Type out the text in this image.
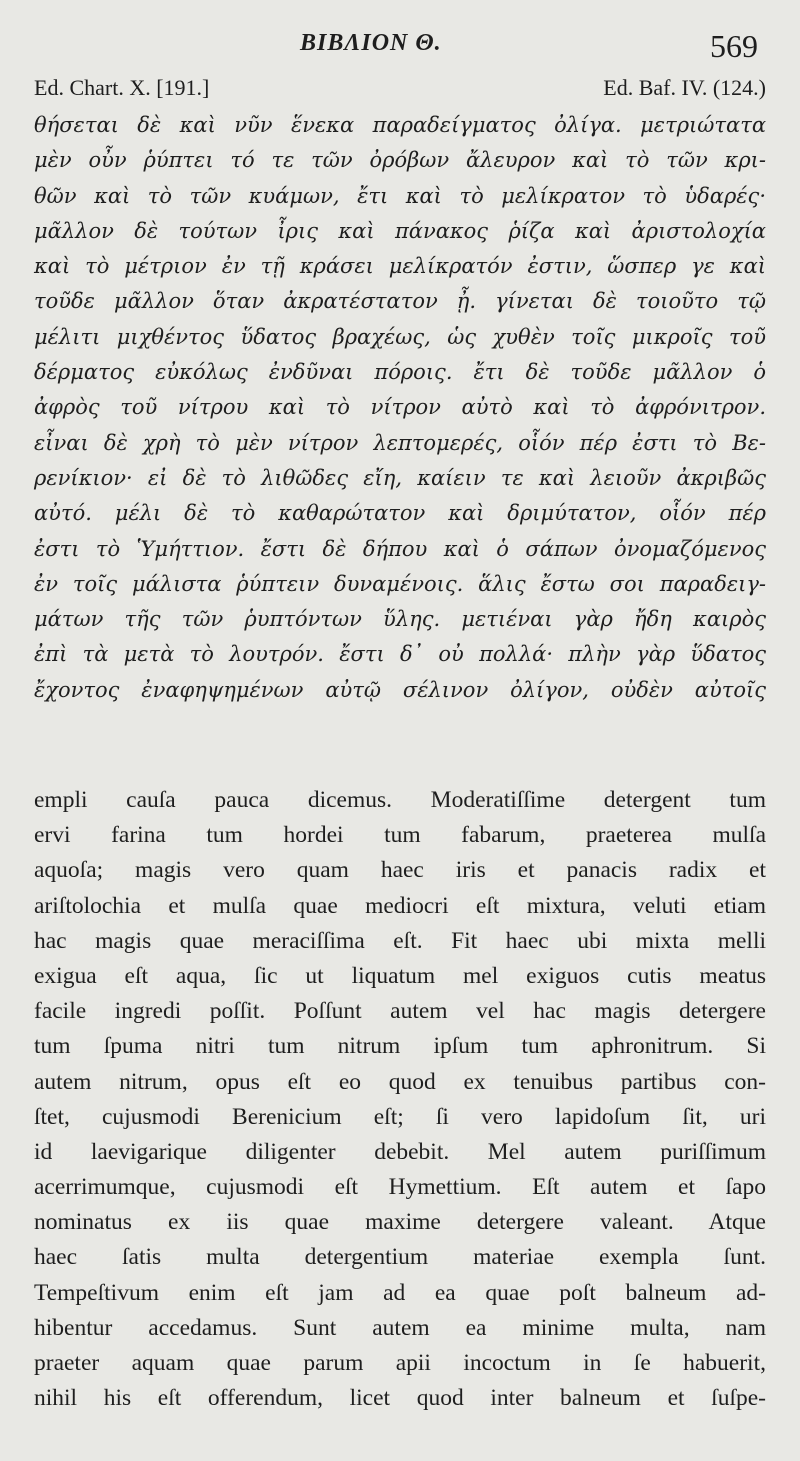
ΒΙΒΛΙΟΝ Θ.	569
Ed. Chart. X. [191.]	Ed. Baf. IV. (124.)
θήσεται δὲ καὶ νῦν ἕνεκα παραδείγματος ὀλίγα. μετριώτατα
μὲν οὖν ῥύπτει τό τε τῶν ὀρόβων ἄλευρον καὶ τὸ τῶν κρι-
θῶν καὶ τὸ τῶν κυάμων, ἔτι καὶ τὸ μελίκρατον τὸ ὑδαρές·
μᾶλλον δὲ τούτων ἶρις καὶ πάνακος ῥίζα καὶ ἀριστολοχία
καὶ τὸ μέτριον ἐν τῇ κράσει μελίκρατόν ἐστιν, ὥσπερ γε καὶ
τοῦδε μᾶλλον ὅταν ἀκρατέστατον ᾖ. γίνεται δὲ τοιοῦτο τῷ
μέλιτι μιχθέντος ὕδατος βραχέως, ὡς χυθὲν τοῖς μικροῖς τοῦ
δέρματος εὐκόλως ἐνδῦναι πόροις. ἔτι δὲ τοῦδε μᾶλλον ὁ
ἀφρὸς τοῦ νίτρου καὶ τὸ νίτρον αὐτὸ καὶ τὸ ἀφρόνιτρον.
εἶναι δὲ χρὴ τὸ μὲν νίτρον λεπτομερές, οἷόν πέρ ἐστι τὸ Βε-
ρενίκιον· εἰ δὲ τὸ λιθῶδες εἴη, καίειν τε καὶ λειοῦν ἀκριβῶς
αὐτό. μέλι δὲ τὸ καθαρώτατον καὶ δριμύτατον, οἷόν πέρ
ἐστι τὸ Ὑμήττιον. ἔστι δὲ δήπου καὶ ὁ σάπων ὀνομαζόμενος
ἐν τοῖς μάλιστα ῥύπτειν δυναμένοις. ἅλις ἔστω σοι παραδειγ-
μάτων τῆς τῶν ῥυπτόντων ὕλης. μετιέναι γὰρ ἤδη καιρὸς
ἐπὶ τὰ μετὰ τὸ λουτρόν. ἔστι δ᾽ οὐ πολλά· πλὴν γὰρ ὕδατος
ἔχοντος ἐναφηψημένων αὐτῷ σέλινον ὀλίγον, οὐδὲν αὐτοῖς
empli cauſa pauca dicemus. Moderatiſſime detergent tum
ervi farina tum hordei tum fabarum, praeterea mulſa
aquoſa; magis vero quam haec iris et panacis radix et
ariſtolochia et mulſa quae mediocri eſt mixtura, veluti etiam
hac magis quae meraciſſima eſt. Fit haec ubi mixta melli
exigua eſt aqua, ſic ut liquatum mel exiguos cutis meatus
facile ingredi poſſit. Poſſunt autem vel hac magis detergere
tum ſpuma nitri tum nitrum ipſum tum aphronitrum. Si
autem nitrum, opus eſt eo quod ex tenuibus partibus con-
ſtet, cujusmodi Berenicium eſt; ſi vero lapidoſum ſit, uri
id laevigarique diligenter debebit. Mel autem puriſſimum
acerrimumque, cujusmodi eſt Hymettium. Eſt autem et ſapo
nominatus ex iis quae maxime detergere valeant. Atque
haec ſatis multa detergentium materiae exempla ſunt.
Tempeſtivum enim eſt jam ad ea quae poſt balneum ad-
hibentur accedamus. Sunt autem ea minime multa, nam
praeter aquam quae parum apii incoctum in ſe habuerit,
nihil his eſt offerendum, licet quod inter balneum et ſuſpe-
